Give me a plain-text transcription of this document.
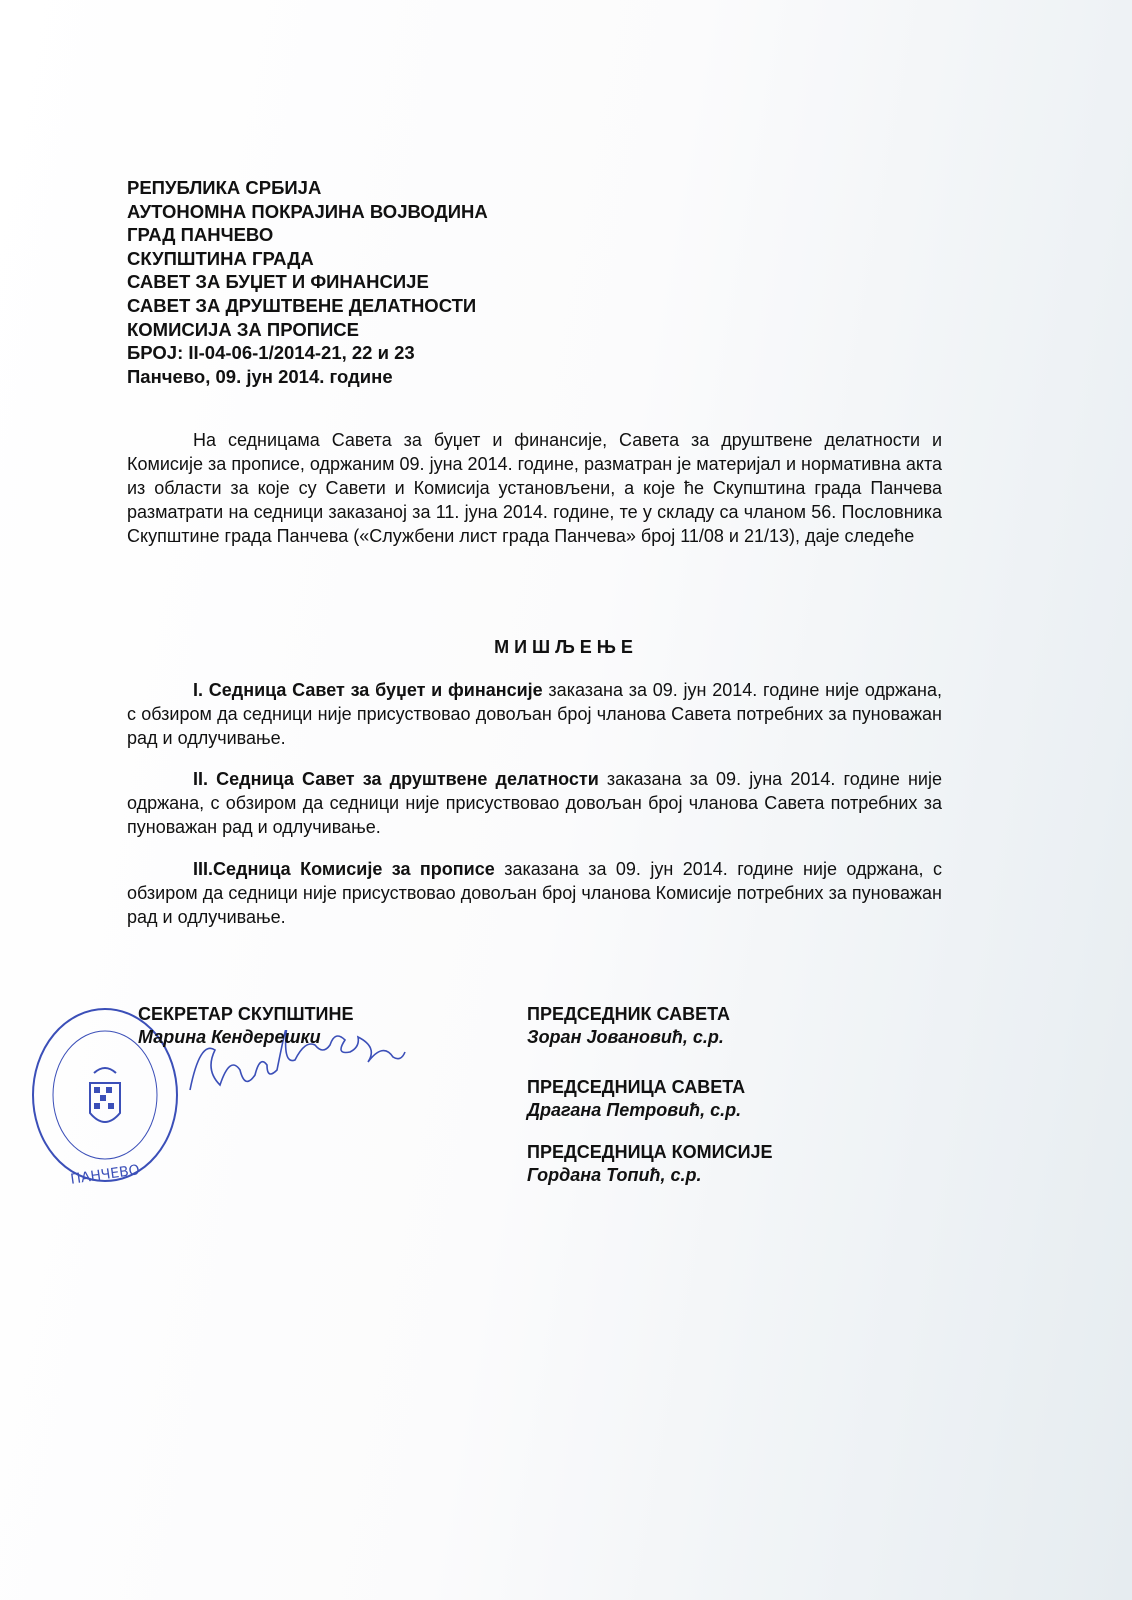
РЕПУБЛИКА СРБИЈА
АУТОНОМНА ПОКРАЈИНА ВОЈВОДИНА
ГРАД ПАНЧЕВО
СКУПШТИНА ГРАДА
САВЕТ ЗА БУЏЕТ И ФИНАНСИЈЕ
САВЕТ ЗА ДРУШТВЕНЕ ДЕЛАТНОСТИ
КОМИСИЈА ЗА ПРОПИСЕ
БРОЈ: II-04-06-1/2014-21, 22 и 23
Панчево, 09. јун 2014. године

На седницама Савета за буџет и финансије, Савета за друштвене делатности и Комисије за прописе, одржаним 09. јуна 2014. године, разматран је материјал и нормативна акта из области за које су Савети и Комисија установљени, а које ће Скупштина града Панчева разматрати на седници заказаној за 11. јуна 2014. године, те у складу са чланом 56. Пословника Скупштине града Панчева («Службени лист града Панчева» број 11/08 и 21/13), даје следеће

МИШЉЕЊЕ

I. Седница Савет за буџет и финансије заказана за 09. јун 2014. године није одржана, с обзиром да седници није присуствовао довољан број чланова Савета потребних за пуноважан рад и одлучивање.

II. Седница Савет за друштвене делатности заказана за 09. јуна 2014. године није одржана, с обзиром да седници није присуствовао довољан број чланова Савета потребних за пуноважан рад и одлучивање.

III.Седница Комисије за прописе заказана за 09. јун 2014. године није одржана, с обзиром да седници није присуствовао довољан број чланова Комисије потребних за пуноважан рад и одлучивање.

ПАНЧЕВО
СЕКРЕТАР СКУПШТИНЕ
Марина Кендерешки
ПРЕДСЕДНИК САВЕТА
Зоран Јовановић, с.р.
ПРЕДСЕДНИЦА САВЕТА
Драгана Петровић, с.р.
ПРЕДСЕДНИЦА КОМИСИЈЕ
Гордана Топић, с.р.
